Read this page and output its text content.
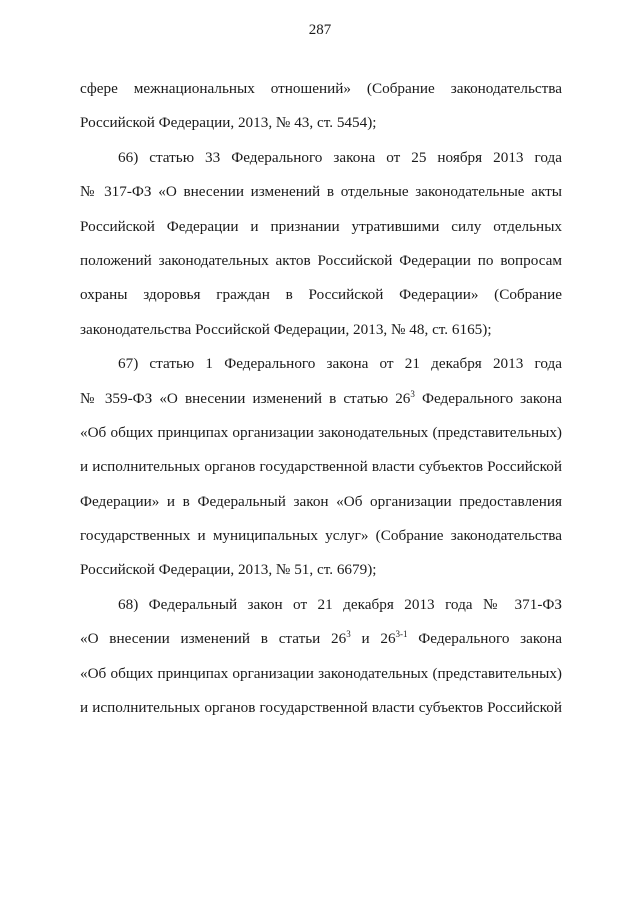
287
сфере межнациональных отношений» (Собрание законодательства
Российской Федерации, 2013, № 43, ст. 5454);
66) статью 33 Федерального закона от 25 ноября 2013 года
№ 317-ФЗ «О внесении изменений в отдельные законодательные акты
Российской Федерации и признании утратившими силу отдельных
положений законодательных актов Российской Федерации по вопросам
охраны здоровья граждан в Российской Федерации» (Собрание
законодательства Российской Федерации, 2013, № 48, ст. 6165);
67) статью 1 Федерального закона от 21 декабря 2013 года
№ 359-ФЗ «О внесении изменений в статью $26^3$ Федерального закона
«Об общих принципах организации законодательных (представительных)
и исполнительных органов государственной власти субъектов Российской
Федерации» и в Федеральный закон «Об организации предоставления
государственных и муниципальных услуг» (Собрание законодательства
Российской Федерации, 2013, № 51, ст. 6679);
68) Федеральный закон от 21 декабря 2013 года № 371-ФЗ
«О внесении изменений в статьи $26^3$ и 26$^{3-1}$ Федерального закона
«Об общих принципах организации законодательных (представительных)
и исполнительных органов государственной власти субъектов Российской
